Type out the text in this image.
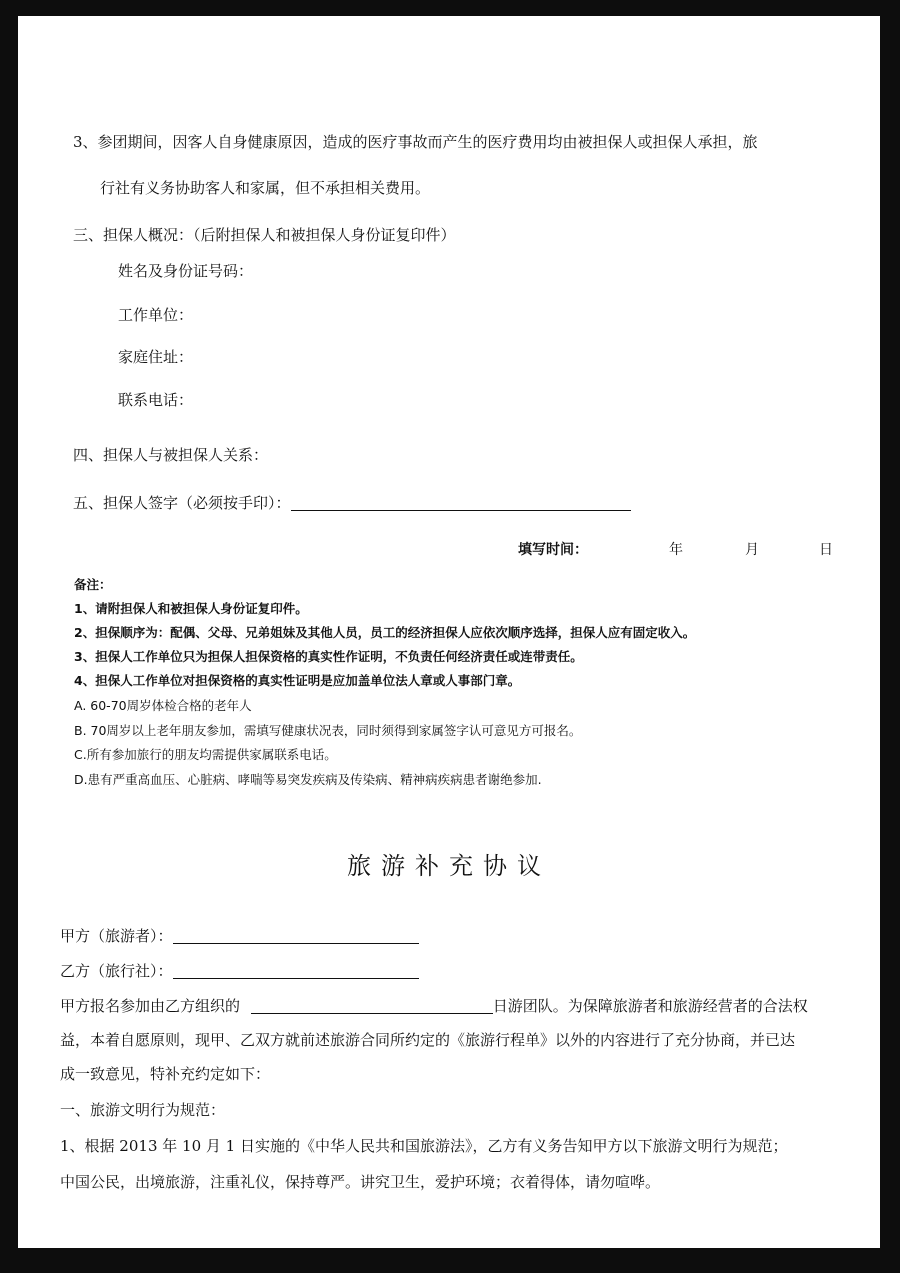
3、参团期间，因客人自身健康原因，造成的医疗事故而产生的医疗费用均由被担保人或担保人承担，旅
行社有义务协助客人和家属，但不承担相关费用。
三、担保人概况：（后附担保人和被担保人身份证复印件）
姓名及身份证号码：
工作单位：
家庭住址：
联系电话：
四、担保人与被担保人关系：
五、担保人签字（必须按手印）：
填写时间：	年	月	日
备注：
1、请附担保人和被担保人身份证复印件。
2、担保顺序为：配偶、父母、兄弟姐妹及其他人员，员工的经济担保人应依次顺序选择，担保人应有固定收入。
3、担保人工作单位只为担保人担保资格的真实性作证明，不负责任何经济责任或连带责任。
4、担保人工作单位对担保资格的真实性证明是应加盖单位法人章或人事部门章。
A. 60-70周岁体检合格的老年人
B. 70周岁以上老年朋友参加，需填写健康状况表，同时须得到家属签字认可意见方可报名。
C.所有参加旅行的朋友均需提供家属联系电话。
D.患有严重高血压、心脏病、哮喘等易突发疾病及传染病、精神病疾病患者谢绝参加.
旅游补充协议
甲方（旅游者）：
乙方（旅行社）：
甲方报名参加由乙方组织的	日游团队。为保障旅游者和旅游经营者的合法权
益，本着自愿原则，现甲、乙双方就前述旅游合同所约定的《旅游行程单》以外的内容进行了充分协商，并已达
成一致意见，特补充约定如下：
一、旅游文明行为规范：
1、根据 2013 年 10 月 1 日实施的《中华人民共和国旅游法》，乙方有义务告知甲方以下旅游文明行为规范；
中国公民，出境旅游，注重礼仪，保持尊严。讲究卫生，爱护环境；衣着得体，请勿喧哗。
